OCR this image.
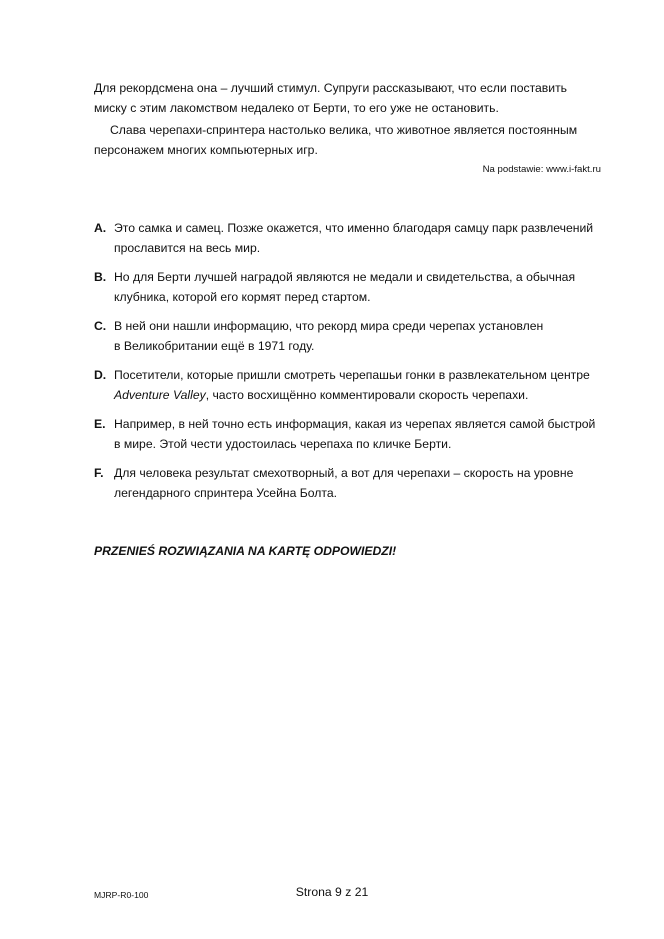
Для рекордсмена она – лучший стимул. Супруги рассказывают, что если поставить

миску с этим лакомством недалеко от Берти, то его уже не остановить.

Слава черепахи-спринтера настолько велика, что животное является постоянным

персонажем многих компьютерных игр.

Na podstawie: www.i-fakt.ru
A. Это самка и самец. Позже окажется, что именно благодаря самцу парк развлечений
прославится на весь мир.
B. Но для Берти лучшей наградой являются не медали и свидетельства, а обычная
клубника, которой его кормят перед стартом.
C. В ней они нашли информацию, что рекорд мира среди черепах установлен
в Великобритании ещё в 1971 году.
D. Посетители, которые пришли смотреть черепашьи гонки в развлекательном центре
Adventure Valley, часто восхищённо комментировали скорость черепахи.
E. Например, в ней точно есть информация, какая из черепах является самой быстрой
в мире. Этой чести удостоилась черепаха по кличке Берти.
F. Для человека результат смехотворный, а вот для черепахи – скорость на уровне
легендарного спринтера Усейна Болта.
PRZENIEŚ ROZWIĄZANIA NA KARTĘ ODPOWIEDZI!
MJRP-R0-100	Strona 9 z 21
